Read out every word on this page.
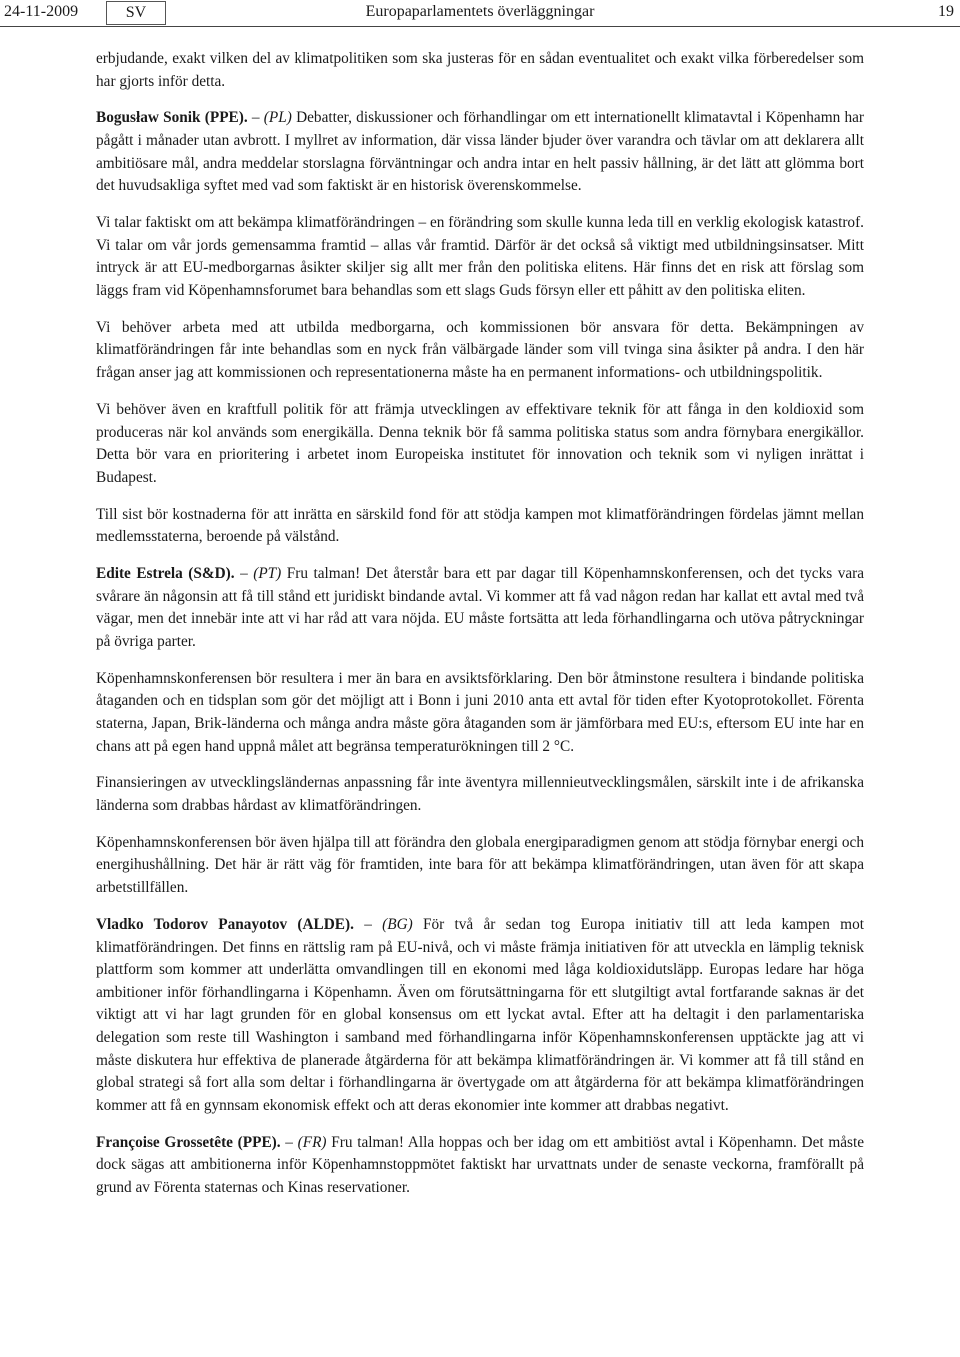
24-11-2009	SV	Europaparlamentets överläggningar	19

erbjudande, exakt vilken del av klimatpolitiken som ska justeras för en sådan eventualitet och exakt vilka förberedelser som har gjorts inför detta.

Bogusław Sonik (PPE). – (PL) Debatter, diskussioner och förhandlingar om ett internationellt klimatavtal i Köpenhamn har pågått i månader utan avbrott. I myllret av information, där vissa länder bjuder över varandra och tävlar om att deklarera allt ambitiösare mål, andra meddelar storslagna förväntningar och andra intar en helt passiv hållning, är det lätt att glömma bort det huvudsakliga syftet med vad som faktiskt är en historisk överenskommelse.

Vi talar faktiskt om att bekämpa klimatförändringen – en förändring som skulle kunna leda till en verklig ekologisk katastrof. Vi talar om vår jords gemensamma framtid – allas vår framtid. Därför är det också så viktigt med utbildningsinsatser. Mitt intryck är att EU-medborgarnas åsikter skiljer sig allt mer från den politiska elitens. Här finns det en risk att förslag som läggs fram vid Köpenhamnsforumet bara behandlas som ett slags Guds försyn eller ett påhitt av den politiska eliten.

Vi behöver arbeta med att utbilda medborgarna, och kommissionen bör ansvara för detta. Bekämpningen av klimatförändringen får inte behandlas som en nyck från välbärgade länder som vill tvinga sina åsikter på andra. I den här frågan anser jag att kommissionen och representationerna måste ha en permanent informations- och utbildningspolitik.

Vi behöver även en kraftfull politik för att främja utvecklingen av effektivare teknik för att fånga in den koldioxid som produceras när kol används som energikälla. Denna teknik bör få samma politiska status som andra förnybara energikällor. Detta bör vara en prioritering i arbetet inom Europeiska institutet för innovation och teknik som vi nyligen inrättat i Budapest.

Till sist bör kostnaderna för att inrätta en särskild fond för att stödja kampen mot klimatförändringen fördelas jämnt mellan medlemsstaterna, beroende på välstånd.

Edite Estrela (S&D). – (PT) Fru talman! Det återstår bara ett par dagar till Köpenhamnskonferensen, och det tycks vara svårare än någonsin att få till stånd ett juridiskt bindande avtal. Vi kommer att få vad någon redan har kallat ett avtal med två vägar, men det innebär inte att vi har råd att vara nöjda. EU måste fortsätta att leda förhandlingarna och utöva påtryckningar på övriga parter.

Köpenhamnskonferensen bör resultera i mer än bara en avsiktsförklaring. Den bör åtminstone resultera i bindande politiska åtaganden och en tidsplan som gör det möjligt att i Bonn i juni 2010 anta ett avtal för tiden efter Kyotoprotokollet. Förenta staterna, Japan, Brik-länderna och många andra måste göra åtaganden som är jämförbara med EU:s, eftersom EU inte har en chans att på egen hand uppnå målet att begränsa temperaturökningen till 2 °C.

Finansieringen av utvecklingsländernas anpassning får inte äventyra millennieutvecklingsmålen, särskilt inte i de afrikanska länderna som drabbas hårdast av klimatförändringen.

Köpenhamnskonferensen bör även hjälpa till att förändra den globala energiparadigmen genom att stödja förnybar energi och energihushållning. Det här är rätt väg för framtiden, inte bara för att bekämpa klimatförändringen, utan även för att skapa arbetstillfällen.

Vladko Todorov Panayotov (ALDE). – (BG) För två år sedan tog Europa initiativ till att leda kampen mot klimatförändringen. Det finns en rättslig ram på EU-nivå, och vi måste främja initiativen för att utveckla en lämplig teknisk plattform som kommer att underlätta omvandlingen till en ekonomi med låga koldioxidutsläpp. Europas ledare har höga ambitioner inför förhandlingarna i Köpenhamn. Även om förutsättningarna för ett slutgiltigt avtal fortfarande saknas är det viktigt att vi har lagt grunden för en global konsensus om ett lyckat avtal. Efter att ha deltagit i den parlamentariska delegation som reste till Washington i samband med förhandlingarna inför Köpenhamnskonferensen upptäckte jag att vi måste diskutera hur effektiva de planerade åtgärderna för att bekämpa klimatförändringen är. Vi kommer att få till stånd en global strategi så fort alla som deltar i förhandlingarna är övertygade om att åtgärderna för att bekämpa klimatförändringen kommer att få en gynnsam ekonomisk effekt och att deras ekonomier inte kommer att drabbas negativt.

Françoise Grossetête (PPE). – (FR) Fru talman! Alla hoppas och ber idag om ett ambitiöst avtal i Köpenhamn. Det måste dock sägas att ambitionerna inför Köpenhamnstoppmötet faktiskt har urvattnats under de senaste veckorna, framförallt på grund av Förenta staternas och Kinas reservationer.
